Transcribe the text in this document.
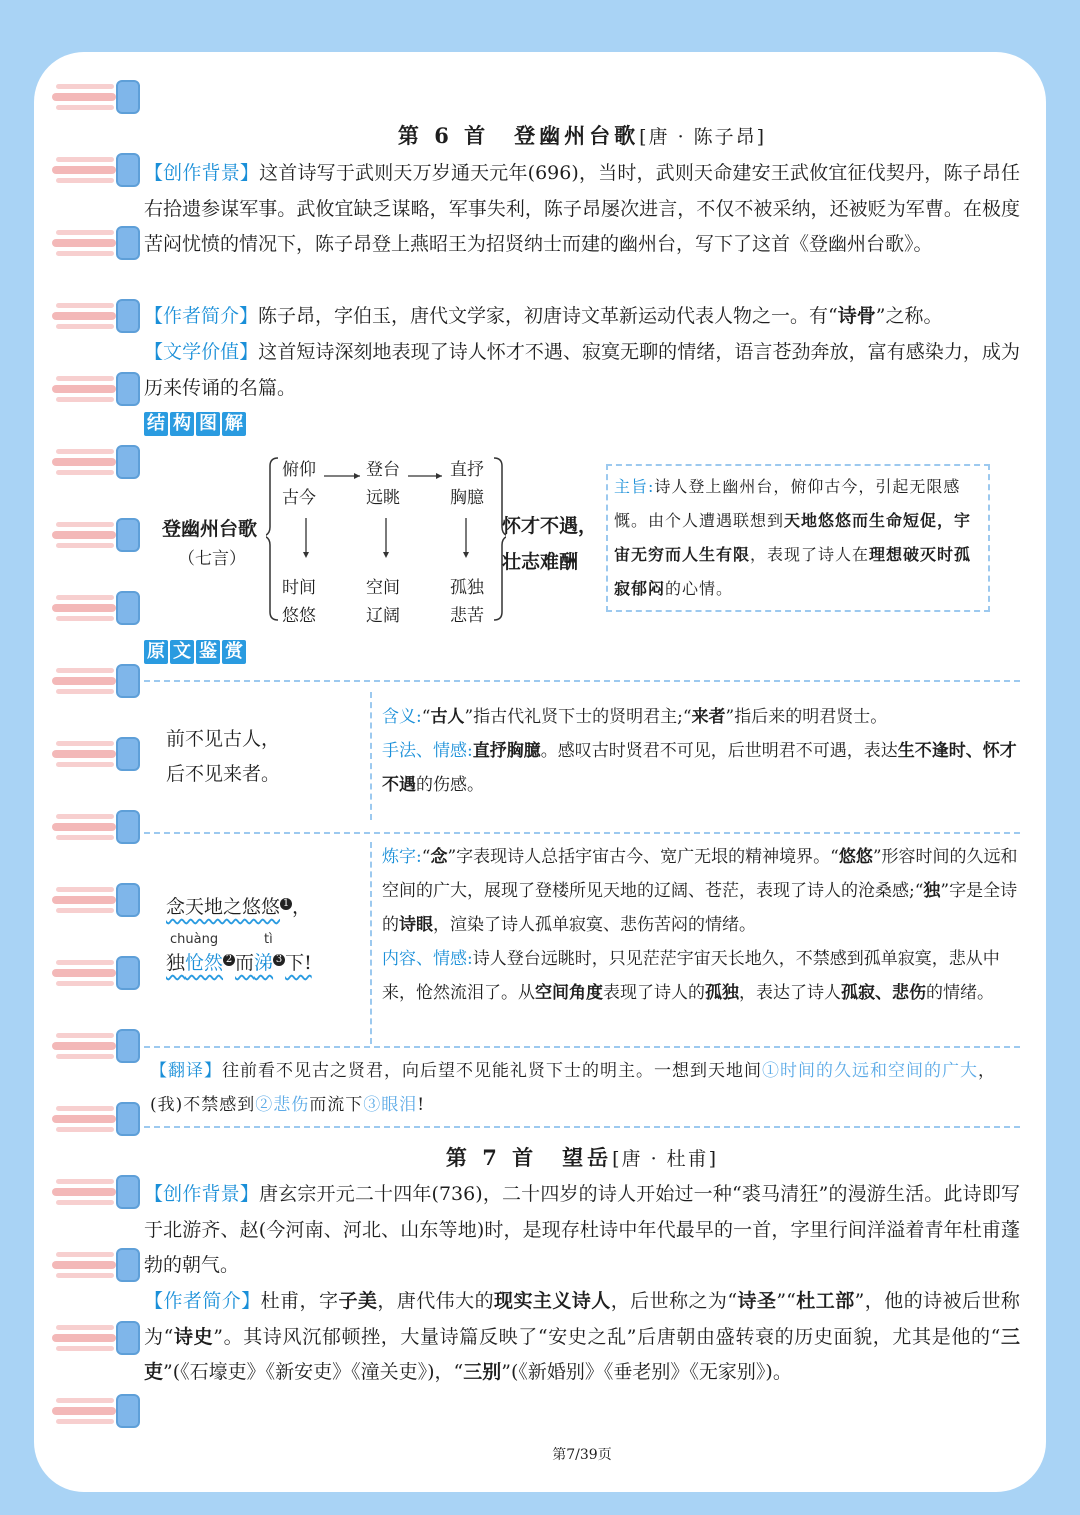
第 6 首　登幽州台歌[唐 · 陈子昂]
【创作背景】这首诗写于武则天万岁通天元年(696)，当时，武则天命建安王武攸宜征伐契丹，陈子昂任右拾遗参谋军事。武攸宜缺乏谋略，军事失利，陈子昂屡次进言，不仅不被采纳，还被贬为军曹。在极度苦闷忧愤的情况下，陈子昂登上燕昭王为招贤纳士而建的幽州台，写下了这首《登幽州台歌》。
【作者简介】陈子昂，字伯玉，唐代文学家，初唐诗文革新运动代表人物之一。有“诗骨”之称。
【文学价值】这首短诗深刻地表现了诗人怀才不遇、寂寞无聊的情绪，语言苍劲奔放，富有感染力，成为历来传诵的名篇。
结 构 图 解
登幽州台歌
（七言）
俯仰
古今
登台
远眺
直抒
胸臆
时间
悠悠
空间
辽阔
孤独
悲苦
怀才不遇，
壮志难酬
主旨:诗人登上幽州台，俯仰古今，引起无限感慨。由个人遭遇联想到天地悠悠而生命短促，宇宙无穷而人生有限，表现了诗人在理想破灭时孤寂郁闷的心情。
原 文 鉴 赏
前不见古人，
后不见来者。
含义:“古人”指古代礼贤下士的贤明君主;“来者”指后来的明君贤士。
手法、情感:直抒胸臆。感叹古时贤君不可见，后世明君不可遇，表达生不逢时、怀才不遇的伤感。
念天地之悠悠 1 ，
chuàng	tì
独怆然 2 而涕 3 下!
炼字:“念”字表现诗人总括宇宙古今、宽广无垠的精神境界。“悠悠”形容时间的久远和空间的广大，展现了登楼所见天地的辽阔、苍茫，表现了诗人的沧桑感;“独”字是全诗的诗眼，渲染了诗人孤单寂寞、悲伤苦闷的情绪。
内容、情感:诗人登台远眺时，只见茫茫宇宙天长地久，不禁感到孤单寂寞，悲从中来，怆然流泪了。从空间角度表现了诗人的孤独，表达了诗人孤寂、悲伤的情绪。
【翻译】往前看不见古之贤君，向后望不见能礼贤下士的明主。一想到天地间①时间的久远和空间的广大，(我)不禁感到②悲伤而流下③眼泪!
第 7 首　望岳[唐 · 杜甫]
【创作背景】唐玄宗开元二十四年(736)，二十四岁的诗人开始过一种“裘马清狂”的漫游生活。此诗即写于北游齐、赵(今河南、河北、山东等地)时，是现存杜诗中年代最早的一首，字里行间洋溢着青年杜甫蓬勃的朝气。
【作者简介】杜甫，字子美，唐代伟大的现实主义诗人，后世称之为“诗圣”“杜工部”，他的诗被后世称为“诗史”。其诗风沉郁顿挫，大量诗篇反映了“安史之乱”后唐朝由盛转衰的历史面貌，尤其是他的“三吏”(《石壕吏》《新安吏》《潼关吏》)，“三别”(《新婚别》《垂老别》《无家别》)。
第7/39页
